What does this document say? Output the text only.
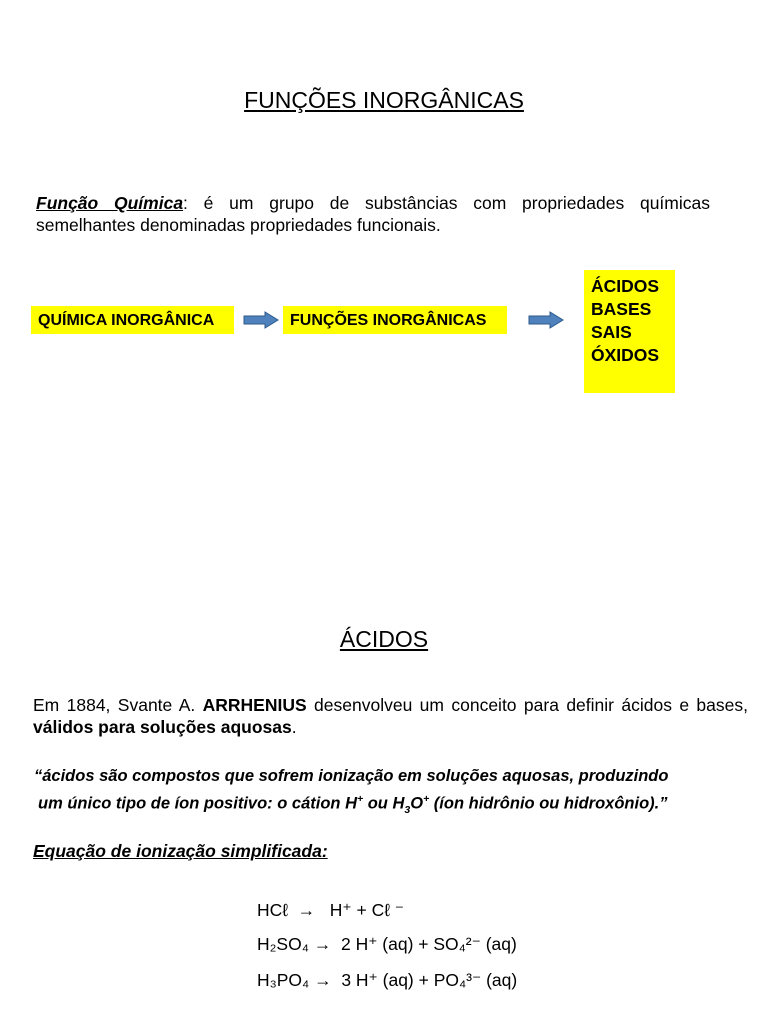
FUNÇÕES INORGÂNICAS
Função Química: é um grupo de substâncias com propriedades químicas semelhantes denominadas propriedades funcionais.
QUÍMICA INORGÂNICA	FUNÇÕES INORGÂNICAS
ÁCIDOS
BASES
SAIS
ÓXIDOS
ÁCIDOS
Em 1884, Svante A. ARRHENIUS desenvolveu um conceito para definir ácidos e bases, válidos para soluções aquosas.
“ácidos são compostos que sofrem ionização em soluções aquosas, produzindo
um único tipo de íon positivo: o cátion H+ ou $H_3O^+$ (íon hidrônio ou hidroxônio).”
Equação de ionização simplificada:
HCℓ → H⁺ + Cℓ ⁻
H₂SO₄ → 2 H⁺ (aq) + SO₄²⁻ (aq)
H₃PO₄ → 3 H⁺ (aq) + PO₄³⁻ (aq)
